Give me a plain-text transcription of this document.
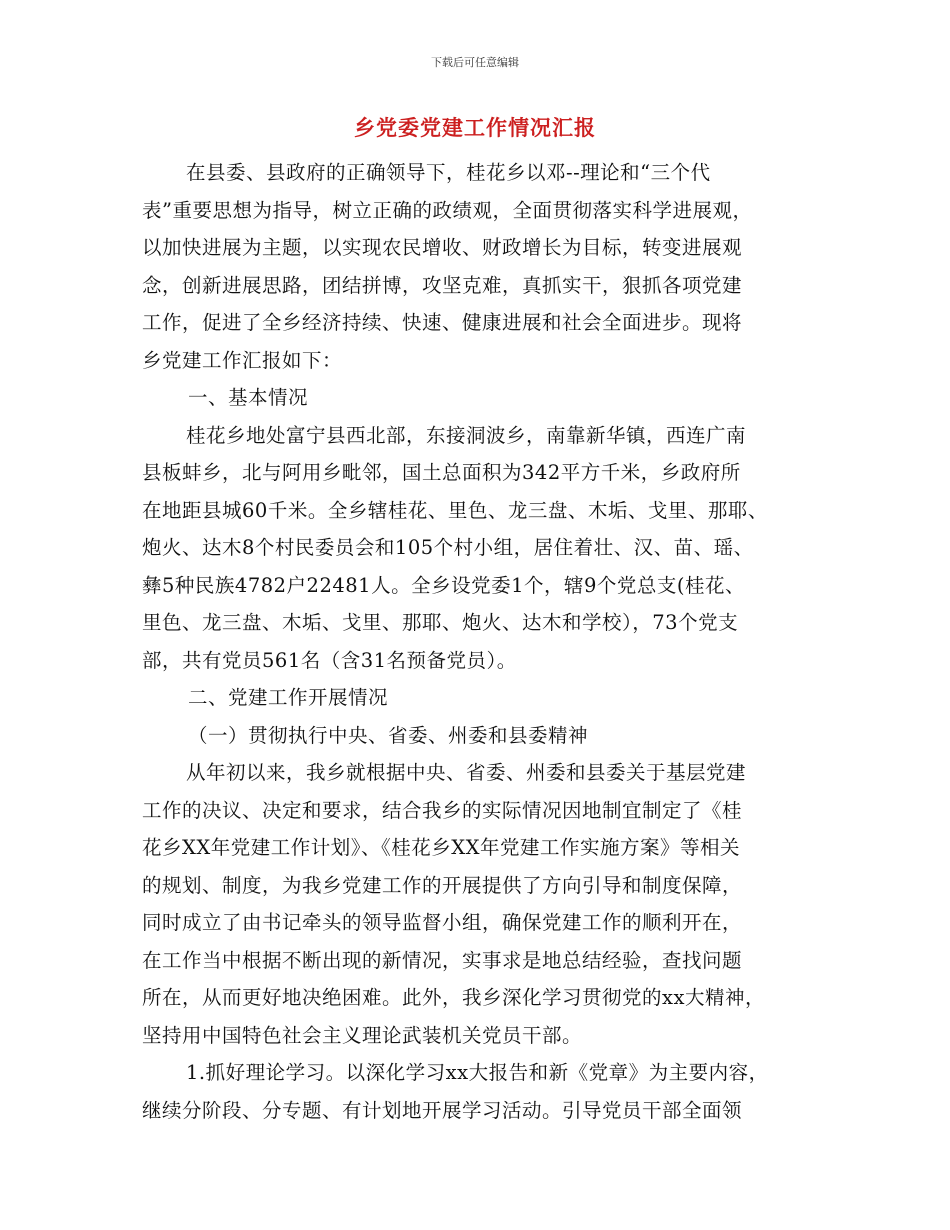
下载后可任意编辑
乡党委党建工作情况汇报
在县委、县政府的正确领导下，桂花乡以邓--理论和“三个代
表”重要思想为指导，树立正确的政绩观，全面贯彻落实科学进展观，
以加快进展为主题，以实现农民增收、财政增长为目标，转变进展观
念，创新进展思路，团结拼博，攻坚克难，真抓实干，狠抓各项党建
工作，促进了全乡经济持续、快速、健康进展和社会全面进步。现将
乡党建工作汇报如下：
一、基本情况
桂花乡地处富宁县西北部，东接洞波乡，南靠新华镇，西连广南
县板蚌乡，北与阿用乡毗邻，国土总面积为342平方千米，乡政府所
在地距县城60千米。全乡辖桂花、里色、龙三盘、木垢、戈里、那耶、
炮火、达木8个村民委员会和105个村小组，居住着壮、汉、苗、瑶、
彝5种民族4782户22481人。全乡设党委1个，辖9个党总支(桂花、
里色、龙三盘、木垢、戈里、那耶、炮火、达木和学校），73个党支
部，共有党员561名（含31名预备党员）。
二、党建工作开展情况
（一）贯彻执行中央、省委、州委和县委精神
从年初以来，我乡就根据中央、省委、州委和县委关于基层党建
工作的决议、决定和要求，结合我乡的实际情况因地制宜制定了《桂
花乡XX年党建工作计划》、《桂花乡XX年党建工作实施方案》等相关
的规划、制度，为我乡党建工作的开展提供了方向引导和制度保障，
同时成立了由书记牵头的领导监督小组，确保党建工作的顺利开在，
在工作当中根据不断出现的新情况，实事求是地总结经验，查找问题
所在，从而更好地决绝困难。此外，我乡深化学习贯彻党的xx大精神，
坚持用中国特色社会主义理论武装机关党员干部。
1.抓好理论学习。以深化学习xx大报告和新《党章》为主要内容，
继续分阶段、分专题、有计划地开展学习活动。引导党员干部全面领
